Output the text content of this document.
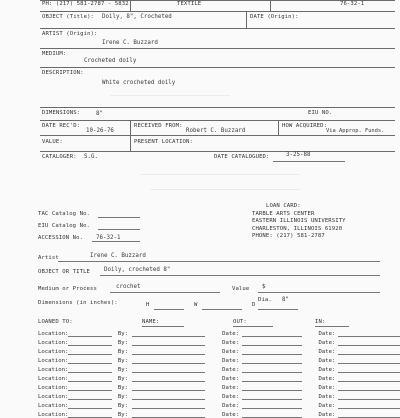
PH: (217) 581-2787 - 5832	TEXTILE	76-32-1
OBJECT (Title): Doily, 8", Crocheted	DATE (Origin):
ARTIST (Origin):
Irene C. Buzzard
MEDIUM:
Crocheted doily
DESCRIPTION:
White crocheted doily
DIMENSIONS:	8"	EIU NO.
DATE REC'D:
10-26-76
RECEIVED FROM:
Robert C. Buzzard
HOW ACQUIRED:
Via Approp. Funds.
VALUE:	PRESENT LOCATION:
CATALOGER: S.G.	DATE CATALOGUED:	3-25-88
TAC Catalog No.
EIU Catalog No.
ACCESSION No. 76-32-1
LOAN CARD:
TARBLE ARTS CENTER
EASTERN ILLINOIS UNIVERSITY
CHARLESTON, ILLINOIS 61920
PHONE: (217) 581-2787
Artist	Irene C. Buzzard
OBJECT OR TITLE Doily, crocheted 8"
Medium or Process	crochet	Value $
Dimensions (in inches):	H	W	D
Dia. 8"
LOANED TO:	NAME:	OUT:	IN:
Location:			By:			Date:			Date:	
Location:			By:			Date:			Date:	
Location:			By:			Date:			Date:	
Location:			By:			Date:			Date:	
Location:			By:			Date:			Date:	
Location:			By:			Date:			Date:	
Location:			By:			Date:			Date:	
Location:			By:			Date:			Date:	
Location:			By:			Date:			Date:	
Location:			By:			Date:			Date:	
